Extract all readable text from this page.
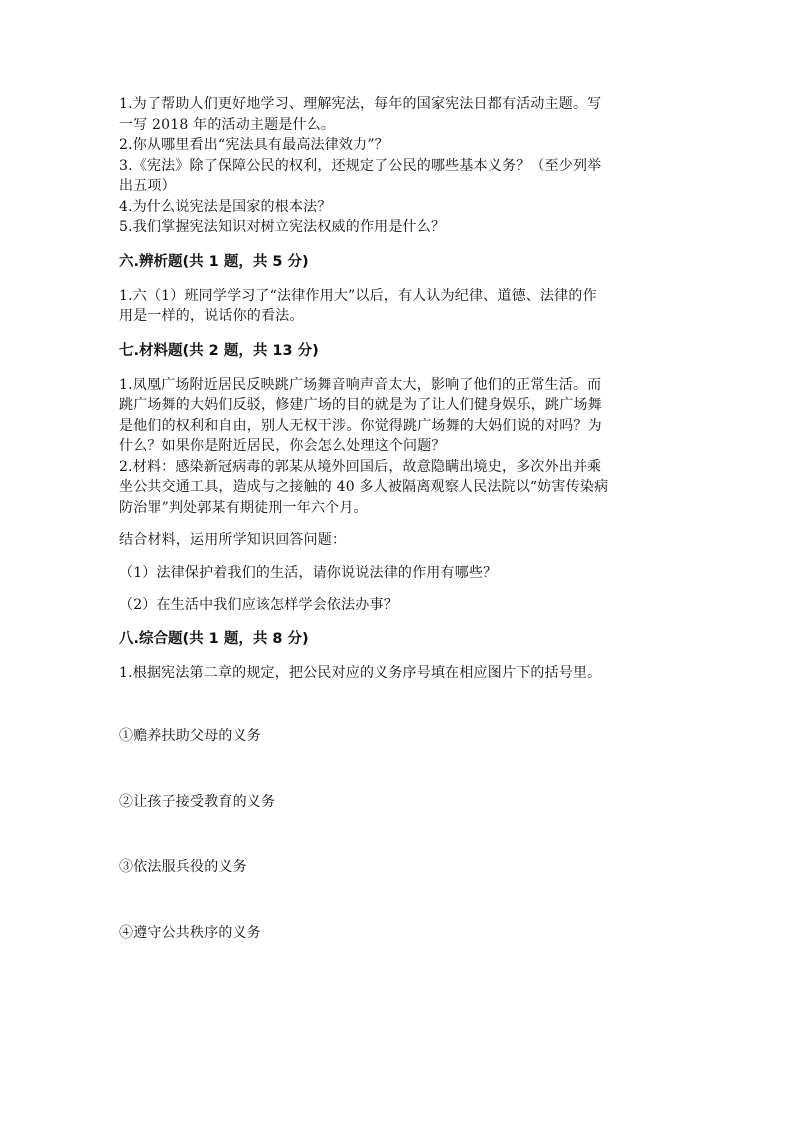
1.为了帮助人们更好地学习、理解宪法，每年的国家宪法日都有活动主题。写
一写 2018 年的活动主题是什么。
2.你从哪里看出“宪法具有最高法律效力”？
3.《宪法》除了保障公民的权利，还规定了公民的哪些基本义务？（至少列举
出五项）
4.为什么说宪法是国家的根本法？
5.我们掌握宪法知识对树立宪法权威的作用是什么？
六.辨析题(共 1 题，共 5 分)
1.六（1）班同学学习了“法律作用大”以后，有人认为纪律、道德、法律的作
用是一样的，说话你的看法。
七.材料题(共 2 题，共 13 分)
1.凤凰广场附近居民反映跳广场舞音响声音太大，影响了他们的正常生活。而
跳广场舞的大妈们反驳，修建广场的目的就是为了让人们健身娱乐，跳广场舞
是他们的权利和自由，别人无权干涉。你觉得跳广场舞的大妈们说的对吗？为
什么？如果你是附近居民，你会怎么处理这个问题？
2.材料：感染新冠病毒的郭某从境外回国后，故意隐瞒出境史，多次外出并乘
坐公共交通工具，造成与之接触的 40 多人被隔离观察人民法院以“妨害传染病
防治罪”判处郭某有期徒刑一年六个月。
结合材料，运用所学知识回答问题：
（1）法律保护着我们的生活，请你说说法律的作用有哪些？
（2）在生活中我们应该怎样学会依法办事？
八.综合题(共 1 题，共 8 分)
1.根据宪法第二章的规定，把公民对应的义务序号填在相应图片下的括号里。
①赡养扶助父母的义务
②让孩子接受教育的义务
③依法服兵役的义务
④遵守公共秩序的义务
